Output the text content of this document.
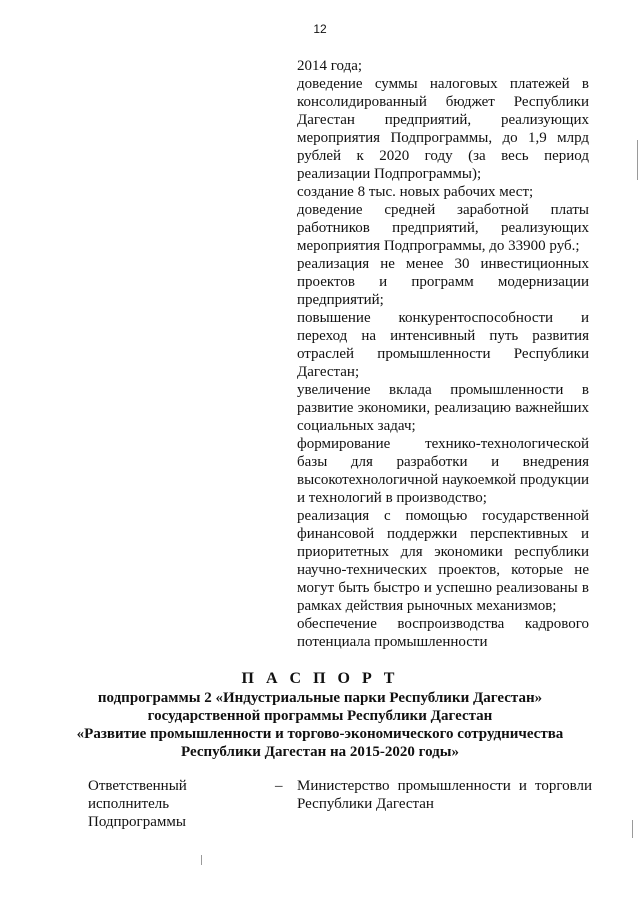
12

2014 года;

доведение суммы налоговых платежей в консолидированный бюджет Республики Дагестан предприятий, реализующих мероприятия Подпрограммы, до 1,9 млрд рублей к 2020 году (за весь период реализации Подпрограммы);

создание 8 тыс. новых рабочих мест;

доведение средней заработной платы работников предприятий, реализующих мероприятия Подпрограммы, до 33900 руб.;

реализация не менее 30 инвестиционных проектов и программ модернизации предприятий;

повышение конкурентоспособности и переход на интенсивный путь развития отраслей промышленности Республики Дагестан;

увеличение вклада промышленности в развитие экономики, реализацию важнейших социальных задач;

формирование технико-технологической базы для разработки и внедрения высокотехнологичной наукоемкой продукции и технологий в производство;

реализация с помощью государственной финансовой поддержки перспективных и приоритетных для экономики республики научно-технических проектов, которые не могут быть быстро и успешно реализованы в рамках действия рыночных механизмов;

обеспечение воспроизводства кадрового потенциала промышленности

П А С П О Р Т
подпрограммы 2 «Индустриальные парки Республики Дагестан»
государственной программы Республики Дагестан
«Развитие промышленности и торгово-экономического сотрудничества
Республики Дагестан на 2015-2020 годы»
Ответственный
исполнитель
Подпрограммы
– Министерство промышленности и торговли Республики Дагестан
